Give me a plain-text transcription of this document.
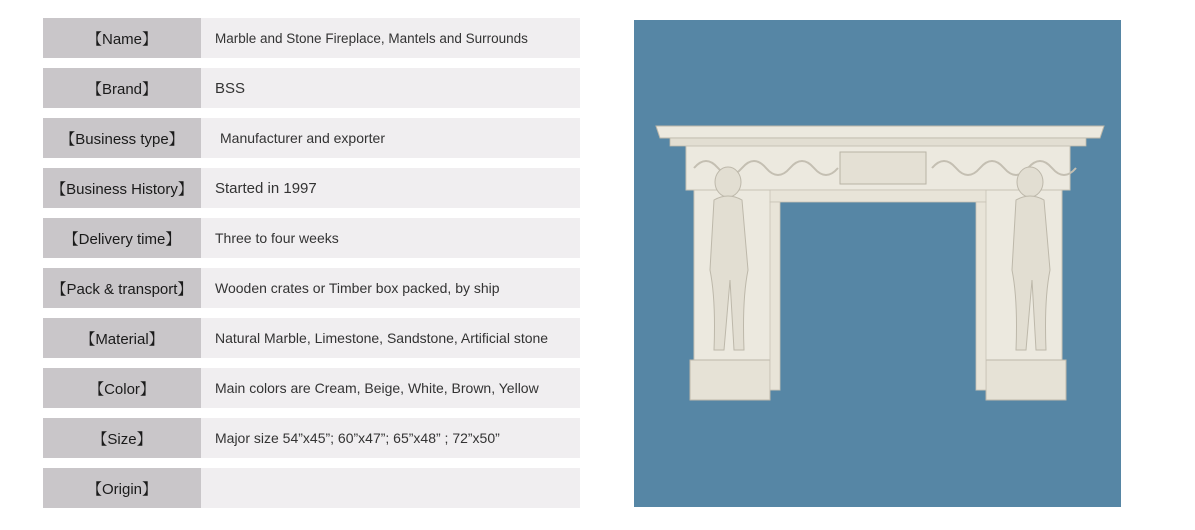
【Name】	Marble and Stone Fireplace, Mantels and Surrounds
【Brand】	BSS
【Business type】	Manufacturer and exporter
【Business History】	Started in 1997
【Delivery time】	Three to four weeks
【Pack & transport】	Wooden crates or Timber box packed, by ship
【Material】	Natural Marble, Limestone, Sandstone, Artificial stone
【Color】	Main colors are Cream, Beige, White, Brown, Yellow
【Size】	Major size 54”x45”; 60”x47”; 65”x48” ; 72”x50”
【Origin】
